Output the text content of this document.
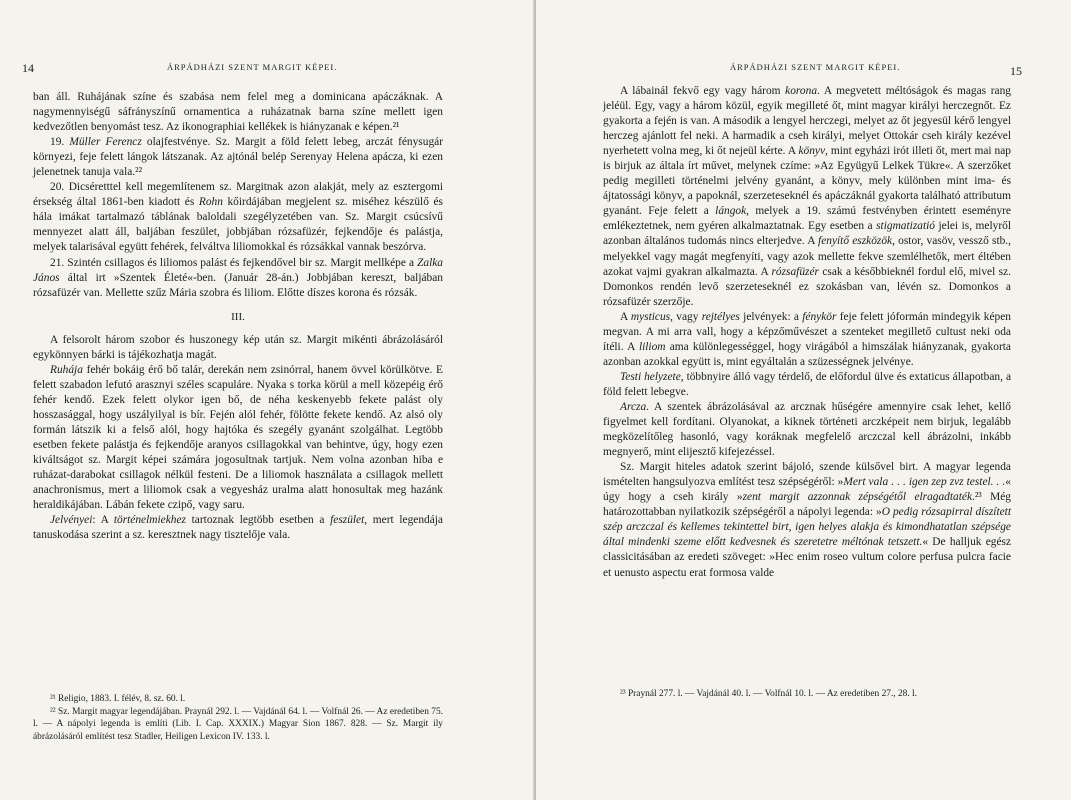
14	ÁRPÁDHÁZI SZENT MARGIT KÉPEI.

ban áll. Ruhájának színe és szabása nem felel meg a dominicana apáczáknak. A nagymennyiségű sáfrányszínű ornamentica a ruházatnak barna színe mellett igen kedvezőtlen benyomást tesz. Az ikonographiai kellékek is hiányzanak e képen.²¹

19. Müller Ferencz olajfestvénye. Sz. Margit a föld felett lebeg, arczát fénysugár környezi, feje felett lángok látszanak. Az ajtónál belép Serenyay Helena apácza, ki ezen jelenetnek tanuja vala.²²

20. Dicséretttel kell megemlítenem sz. Margitnak azon alakját, mely az esztergomi érsekség által 1861-ben kiadott és Rohn kőirdájában megjelent sz. miséhez készülő és hála imákat tartalmazó táblának baloldali szegélyzetében van. Sz. Margit csúcsívű mennyezet alatt áll, baljában feszület, jobbjában rózsafüzér, fejkendője és palástja, melyek talarisával együtt fehérek, felváltva liliomokkal és rózsákkal vannak beszórva.

21. Szintén csillagos és liliomos palást és fejkendővel bir sz. Margit mellképe a Zalka János által irt »Szentek Életé«-ben. (Január 28-án.) Jobbjában kereszt, baljában rózsafüzér van. Mellette szűz Mária szobra és liliom. Előtte díszes korona és rózsák.

III.

A felsorolt három szobor és huszonegy kép után sz. Margit mikénti ábrázolásáról egykönnyen bárki is tájékozhatja magát.

Ruhája fehér bokáig érő bő talár, derekán nem zsinórral, hanem övvel körülkötve. E felett szabadon lefutó arasznyi széles scapuláre. Nyaka s torka körül a mell közepéig érő fehér kendő. Ezek felett olykor igen bő, de néha keskenyebb fekete palást oly hosszasággal, hogy uszályilyal is bír. Fején alól fehér, fölötte fekete kendő. Az alsó oly formán látszik ki a felső alól, hogy hajtóka és szegély gyanánt szolgálhat. Legtöbb esetben fekete palástja és fejkendője aranyos csillagokkal van behintve, úgy, hogy ezen kiváltságot sz. Margit képei számára jogosultnak tartjuk. Nem volna azonban hiba e ruházat-darabokat csillagok nélkül festeni. De a liliomok használata a csillagok mellett anachronismus, mert a liliomok csak a vegyesház uralma alatt honosultak meg hazánk heraldikájában. Lábán fekete czipő, vagy saru.

Jelvényei: A történelmiekhez tartoznak legtöbb esetben a feszület, mert legendája tanuskodása szerint a sz. keresztnek nagy tisztelője vala.

²¹ Religio, 1883. I. félév, 8. sz. 60. l.

²² Sz. Margit magyar legendájában. Praynál 292. l. — Vajdánál 64. l. — Volfnál 26. — Az eredetiben 75. l. — A nápolyi legenda is említi (Lib. I. Cap. XXXIX.) Magyar Sion 1867. 828. — Sz. Margit ily ábrázolásáról említést tesz Stadler, Heiligen Lexicon IV. 133. l.

ÁRPÁDHÁZI SZENT MARGIT KÉPEI.	15

A lábainál fekvő egy vagy három korona. A megvetett méltóságok és magas rang jeléül. Egy, vagy a három közül, egyik megilleté őt, mint magyar királyi herczegnőt. Ez gyakorta a fején is van. A második a lengyel herczegi, melyet az őt jegyesül kérő lengyel herczeg ajánlott fel neki. A harmadik a cseh királyi, melyet Ottokár cseh király kezével nyerhetett volna meg, ki őt nejeül kérte. A könyv, mint egyházi irót illeti őt, mert mai nap is birjuk az általa írt művet, melynek czíme: »Az Együgyű Lelkek Tükre«. A szerzőket pedig megilleti történelmi jelvény gyanánt, a könyv, mely különben mint ima- és ájtatossági könyv, a papoknál, szerzeteseknél és apáczáknál gyakorta található attributum gyanánt. Feje felett a lángok, melyek a 19. számú festvényben érintett eseményre emlékeztetnek, nem gyéren alkalmaztatnak. Egy esetben a stigmatizatió jelei is, melyről azonban általános tudomás nincs elterjedve. A fenyítő eszközök, ostor, vasöv, vessző stb., melyekkel vagy magát megfenyíti, vagy azok mellette fekve szemlélhetők, mert éltében azokat vajmi gyakran alkalmazta. A rózsafüzér csak a későbbieknél fordul elő, mivel sz. Domonkos rendén levő szerzeteseknél ez szokásban van, lévén sz. Domonkos a rózsafüzér szerzője.

A mysticus, vagy rejtélyes jelvények: a fénykör feje felett jóformán mindegyik képen megvan. A mi arra vall, hogy a képzőművészet a szenteket megillető cultust neki oda ítéli. A liliom ama különlegességgel, hogy virágából a himszálak hiányzanak, gyakorta azonban azokkal együtt is, mint egyáltalán a szüzességnek jelvénye.

Testi helyzete, többnyire álló vagy térdelő, de előfordul ülve és extaticus állapotban, a föld felett lebegve.

Arcza. A szentek ábrázolásával az arcznak hűségére amennyire csak lehet, kellő figyelmet kell fordítani. Olyanokat, a kiknek történeti arczképeit nem birjuk, legalább megközelítőleg hasonló, vagy koráknak megfelelő arczczal kell ábrázolni, inkább megnyerő, mint elijesztő kifejezéssel.

Sz. Margit hiteles adatok szerint bájoló, szende külsővel birt. A magyar legenda ismételten hangsulyozva említést tesz szépségéről: »Mert vala . . . igen zep zvz testel. . .« úgy hogy a cseh király »zent margit azzonnak zépségétől elragadtaték.²³ Még határozottabban nyilatkozik szépségéről a nápolyi legenda: »O pedig rózsapirral díszített szép arczczal és kellemes tekintettel birt, igen helyes alakja és kimondhatatlan szépsége által mindenki szeme előtt kedvesnek és szeretetre méltónak tetszett.« De halljuk egész classicitásában az eredeti szöveget: »Hec enim roseo vultum colore perfusa pulcra facie et uenusto aspectu erat formosa valde

²³ Praynál 277. l. — Vajdánál 40. l. — Volfnál 10. l. — Az eredetiben 27., 28. l.
